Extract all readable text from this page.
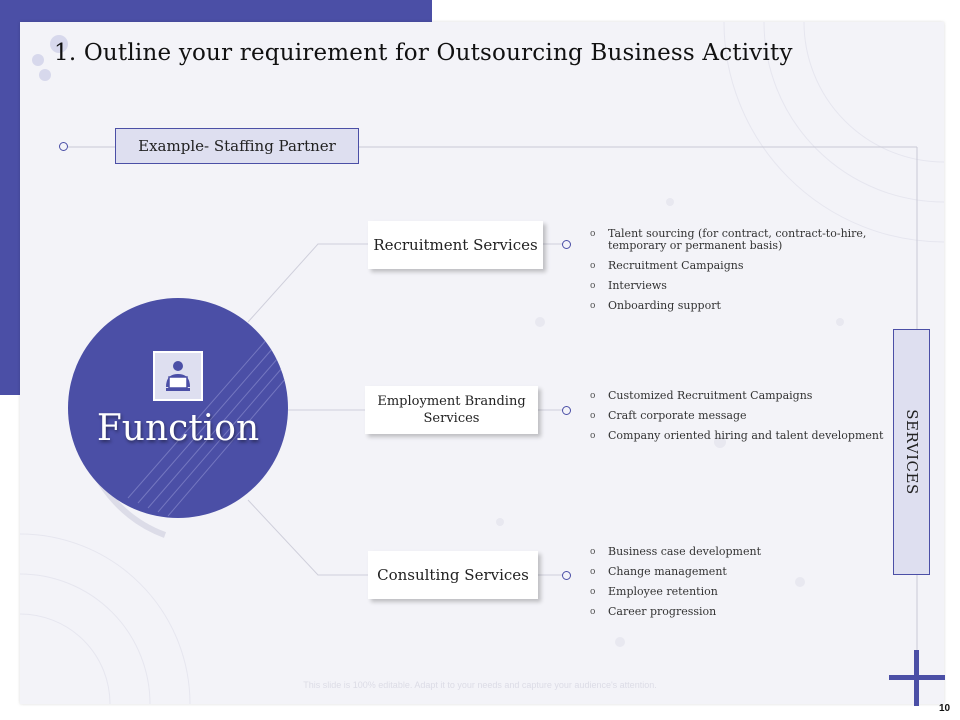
1. Outline your requirement for Outsourcing Business Activity
Example- Staffing Partner
Function
Recruitment Services
o Talent sourcing (for contract, contract-to-hire, temporary or permanent basis)
o Recruitment Campaigns
o Interviews
o Onboarding support
Employment Branding Services
o Customized Recruitment Campaigns
o Craft corporate message
o Company oriented hiring and talent development
Consulting Services
o Business case development
o Change management
o Employee retention
o Career progression
SERVICES
This slide is 100% editable. Adapt it to your needs and capture your audience's attention.
10
